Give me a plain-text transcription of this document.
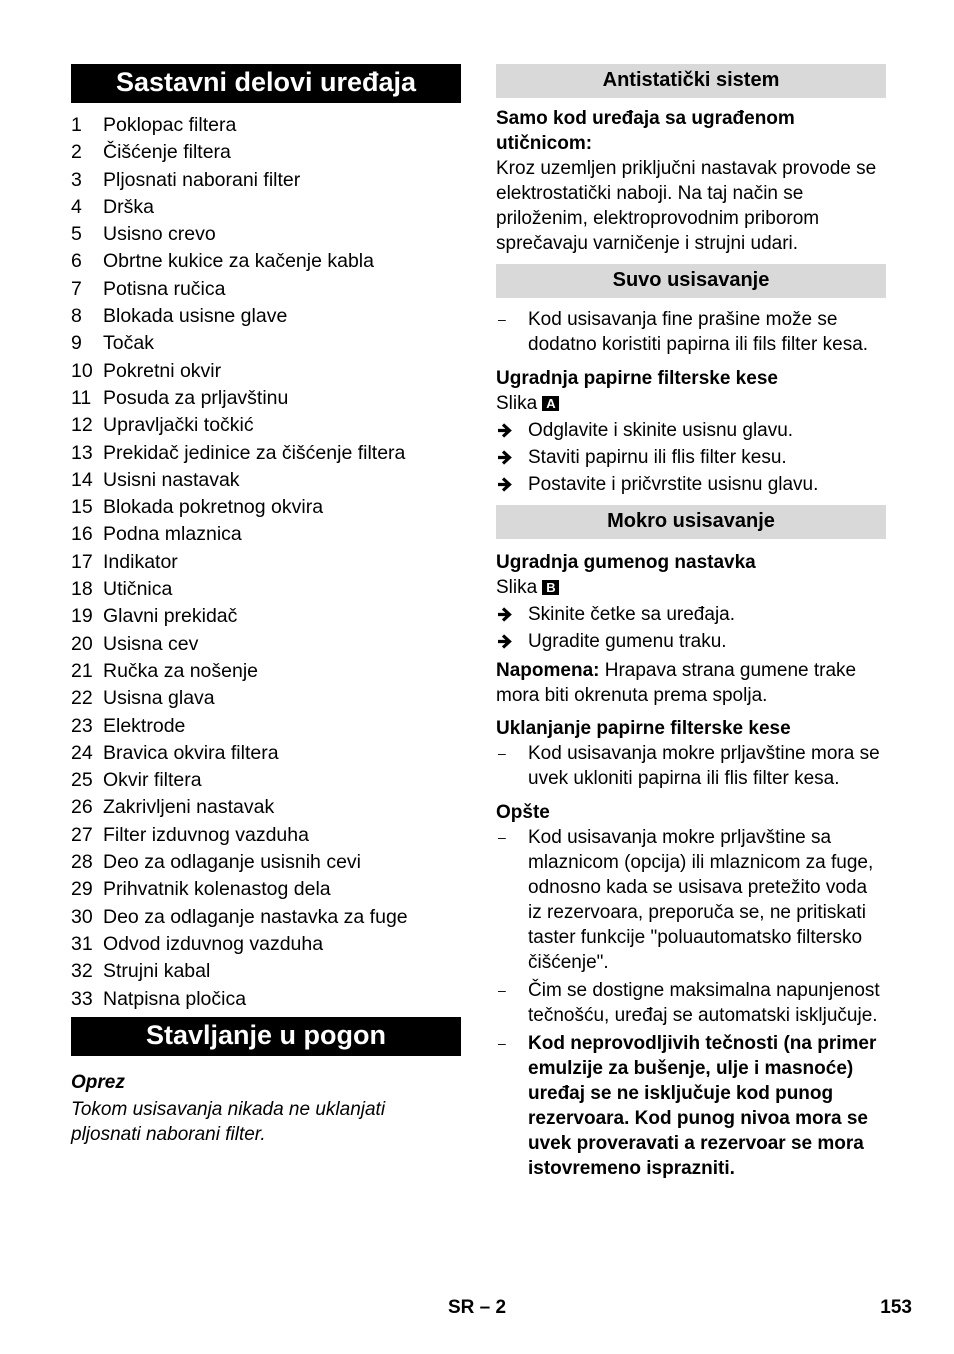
Sastavni delovi uređaja
1 Poklopac filtera
2 Čišćenje filtera
3 Pljosnati naborani filter
4 Drška
5 Usisno crevo
6 Obrtne kukice za kačenje kabla
7 Potisna ručica
8 Blokada usisne glave
9 Točak
10 Pokretni okvir
11 Posuda za prljavštinu
12 Upravljački točkić
13 Prekidač jedinice za čišćenje filtera
14 Usisni nastavak
15 Blokada pokretnog okvira
16 Podna mlaznica
17 Indikator
18 Utičnica
19 Glavni prekidač
20 Usisna cev
21 Ručka za nošenje
22 Usisna glava
23 Elektrode
24 Bravica okvira filtera
25 Okvir filtera
26 Zakrivljeni nastavak
27 Filter izduvnog vazduha
28 Deo za odlaganje usisnih cevi
29 Prihvatnik kolenastog dela
30 Deo za odlaganje nastavka za fuge
31 Odvod izduvnog vazduha
32 Strujni kabal
33 Natpisna pločica
Stavljanje u pogon
Oprez
Tokom usisavanja nikada ne uklanjati pljosnati naborani filter.
Antistatički sistem
Samo kod uređaja sa ugrađenom utičnicom:
Kroz uzemljen priključni nastavak provode se elektrostatički naboji. Na taj način se priloženim, elektroprovodnim priborom sprečavaju varničenje i strujni udari.
Suvo usisavanje
– Kod usisavanja fine prašine može se dodatno koristiti papirna ili fils filter kesa.
Ugradnja papirne filterske kese
Slika A
Odglavite i skinite usisnu glavu.
Staviti papirnu ili flis filter kesu.
Postavite i pričvrstite usisnu glavu.
Mokro usisavanje
Ugradnja gumenog nastavka
Slika B
Skinite četke sa uređaja.
Ugradite gumenu traku.
Napomena: Hrapava strana gumene trake mora biti okrenuta prema spolja.
Uklanjanje papirne filterske kese
– Kod usisavanja mokre prljavštine mora se uvek ukloniti papirna ili flis filter kesa.
Opšte
– Kod usisavanja mokre prljavštine sa mlaznicom (opcija) ili mlaznicom za fuge, odnosno kada se usisava pretežito voda iz rezervoara, preporuča se, ne pritiskati taster funkcije "poluautomatsko filtersko čišćenje".
– Čim se dostigne maksimalna napunjenost tečnošću, uređaj se automatski isključuje.
– Kod neprovodljivih tečnosti (na primer emulzije za bušenje, ulje i masnoće) uređaj se ne isključuje kod punog rezervoara. Kod punog nivoa mora se uvek proveravati a rezervoar se mora istovremeno isprazniti.
SR – 2	153
